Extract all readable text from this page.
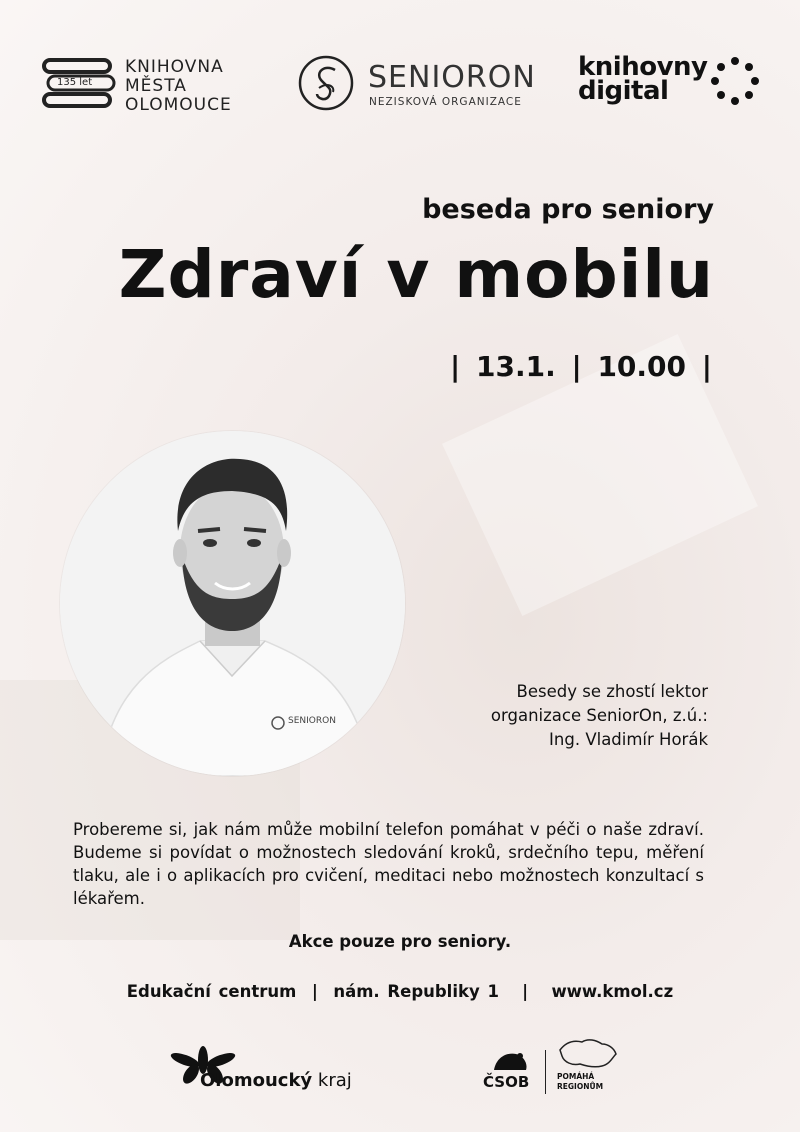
135 let
KNIHOVNA
MĚSTA
OLOMOUCE
SENIORON
NEZISKOVÁ ORGANIZACE
knihovny
digital
beseda pro seniory
Zdraví v mobilu
| 13.1. | 10.00 |
SENIORON
Besedy se zhostí lektor
organizace SeniorOn, z.ú.:
Ing. Vladimír Horák
Probereme si, jak nám může mobilní telefon pomáhat v péči o naše zdraví. Budeme si povídat o možnostech sledování kroků, srdečního tepu, měření tlaku, ale i o aplikacích pro cvičení, meditaci nebo možnostech konzultací s lékařem.
Akce pouze pro seniory.
Edukační centrum  |  nám. Republiky 1   |   www.kmol.cz
Olomoucký kraj	ČSOB	POMÁHÁ
REGIONŮM
